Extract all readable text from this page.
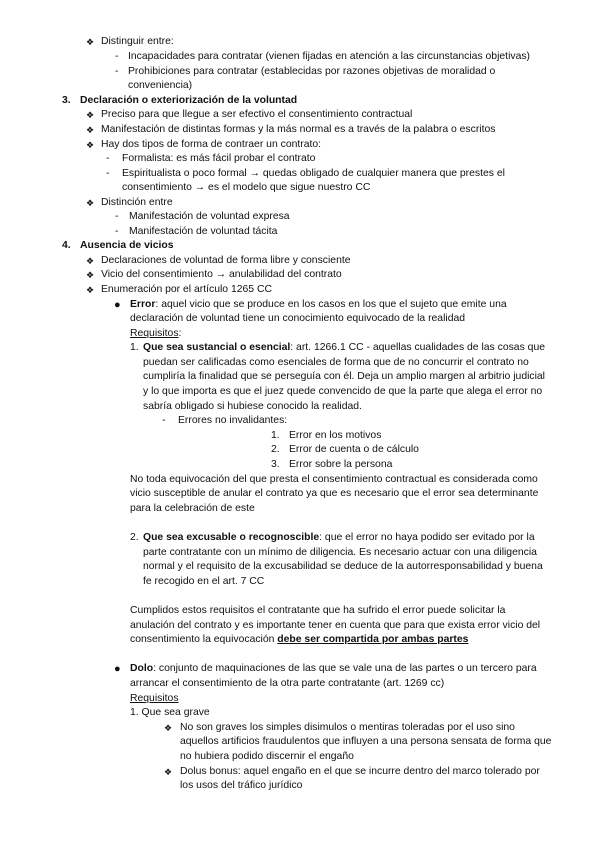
❖ Distinguir entre:
- Incapacidades para contratar (vienen fijadas en atención a las circunstancias objetivas)
- Prohibiciones para contratar (establecidas por razones objetivas de moralidad o
conveniencia)
3. Declaración o exteriorización de la voluntad
❖ Preciso para que llegue a ser efectivo el consentimiento contractual
❖ Manifestación de distintas formas y la más normal es a través de la palabra o escritos
❖ Hay dos tipos de forma de contraer un contrato:
- Formalista: es más fácil probar el contrato
- Espiritualista o poco formal → quedas obligado de cualquier manera que prestes el
consentimiento → es el modelo que sigue nuestro CC
❖ Distinción entre
- Manifestación de voluntad expresa
- Manifestación de voluntad tácita
4. Ausencia de vicios
❖ Declaraciones de voluntad de forma libre y consciente
❖ Vicio del consentimiento → anulabilidad del contrato
❖ Enumeración por el artículo 1265 CC
● Error: aquel vicio que se produce en los casos en los que el sujeto que emite una
declaración de voluntad tiene un conocimiento equivocado de la realidad
Requisitos:
1. Que sea sustancial o esencial: art. 1266.1 CC - aquellas cualidades de las cosas que
puedan ser calificadas como esenciales de forma que de no concurrir el contrato no
cumpliría la finalidad que se perseguía con él. Deja un amplio margen al arbitrio judicial
y lo que importa es que el juez quede convencido de que la parte que alega el error no
sabría obligado si hubiese conocido la realidad.
- Errores no invalidantes:
1. Error en los motivos
2. Error de cuenta o de cálculo
3. Error sobre la persona
No toda equivocación del que presta el consentimiento contractual es considerada como
vicio susceptible de anular el contrato ya que es necesario que el error sea determinante
para la celebración de este
2. Que sea excusable o recognoscible: que el error no haya podido ser evitado por la
parte contratante con un mínimo de diligencia. Es necesario actuar con una diligencia
normal y el requisito de la excusabilidad se deduce de la autorresponsabilidad y buena
fe recogido en el art. 7 CC
Cumplidos estos requisitos el contratante que ha sufrido el error puede solicitar la
anulación del contrato y es importante tener en cuenta que para que exista error vicio del
consentimiento la equivocación debe ser compartida por ambas partes
● Dolo: conjunto de maquinaciones de las que se vale una de las partes o un tercero para
arrancar el consentimiento de la otra parte contratante (art. 1269 cc)
Requisitos
1. Que sea grave
❖ No son graves los simples disimulos o mentiras toleradas por el uso sino
aquellos artificios fraudulentos que influyen a una persona sensata de forma que
no hubiera podido discernir el engaño
❖ Dolus bonus: aquel engaño en el que se incurre dentro del marco tolerado por
los usos del tráfico jurídico
